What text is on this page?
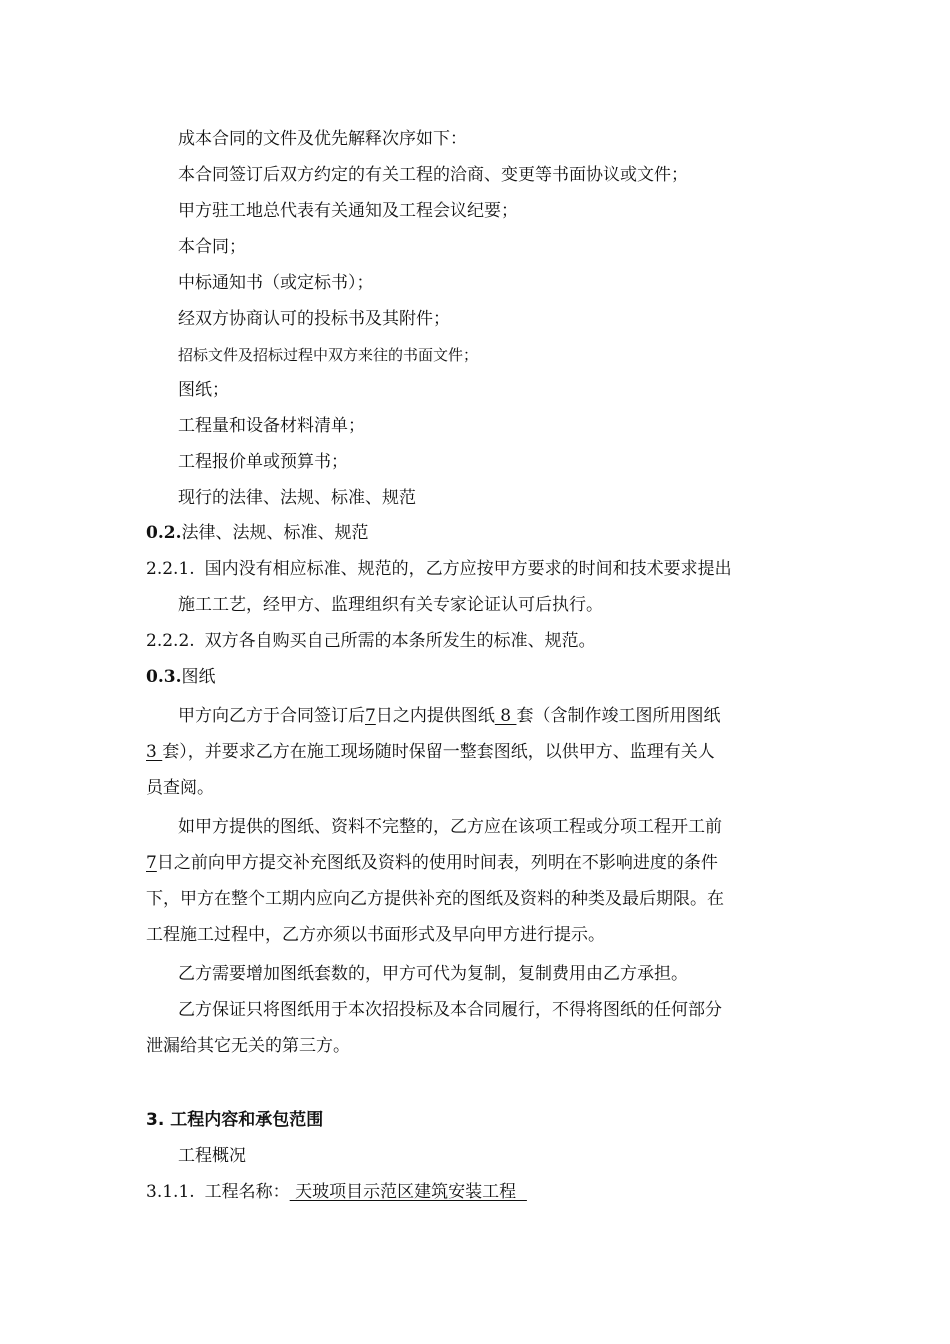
成本合同的文件及优先解释次序如下：
本合同签订后双方约定的有关工程的洽商、变更等书面协议或文件；
甲方驻工地总代表有关通知及工程会议纪要；
本合同；
中标通知书（或定标书）；
经双方协商认可的投标书及其附件；
招标文件及招标过程中双方来往的书面文件；
图纸；
工程量和设备材料清单；
工程报价单或预算书；
现行的法律、法规、标准、规范
0.2.法律、法规、标准、规范
2.2.1. 国内没有相应标准、规范的，乙方应按甲方要求的时间和技术要求提出
施工工艺，经甲方、监理组织有关专家论证认可后执行。
2.2.2. 双方各自购买自己所需的本条所发生的标准、规范。
0.3.图纸
甲方向乙方于合同签订后7日之内提供图纸 8 套（含制作竣工图所用图纸
3 套），并要求乙方在施工现场随时保留一整套图纸，以供甲方、监理有关人
员查阅。
如甲方提供的图纸、资料不完整的，乙方应在该项工程或分项工程开工前
7日之前向甲方提交补充图纸及资料的使用时间表，列明在不影响进度的条件
下，甲方在整个工期内应向乙方提供补充的图纸及资料的种类及最后期限。在
工程施工过程中，乙方亦须以书面形式及早向甲方进行提示。
乙方需要增加图纸套数的，甲方可代为复制，复制费用由乙方承担。
乙方保证只将图纸用于本次招投标及本合同履行，不得将图纸的任何部分
泄漏给其它无关的第三方。
3. 工程内容和承包范围
工程概况
3.1.1. 工程名称： 天玻项目示范区建筑安装工程
